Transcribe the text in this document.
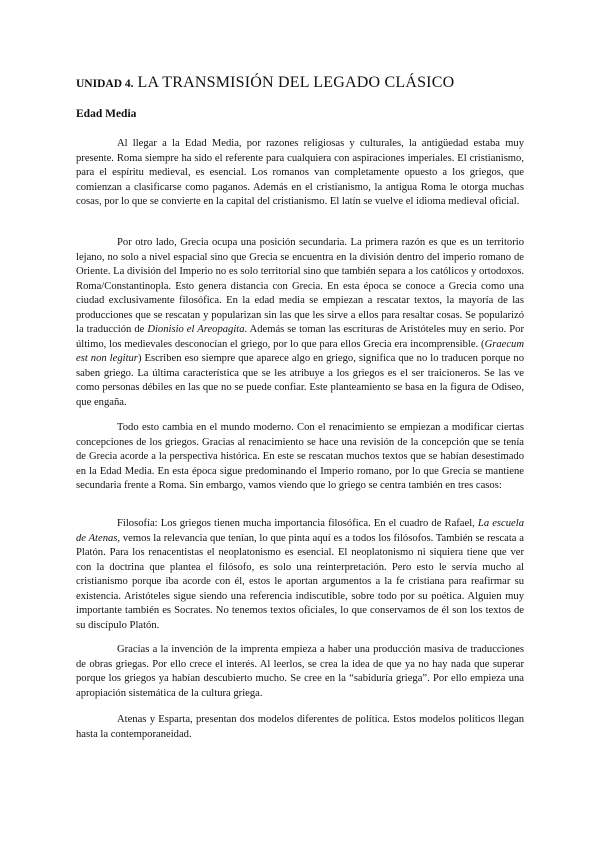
UNIDAD 4. LA TRANSMISIÓN DEL LEGADO CLÁSICO
Edad Media

Al llegar a la Edad Media, por razones religiosas y culturales, la antigüedad estaba muy presente. Roma siempre ha sido el referente para cualquiera con aspiraciones imperiales. El cristianismo, para el espíritu medieval, es esencial. Los romanos van completamente opuesto a los griegos, que comienzan a clasificarse como paganos. Además en el cristianismo, la antigua Roma le otorga muchas cosas, por lo que se convierte en la capital del cristianismo. El latín se vuelve el idioma medieval oficial.

Por otro lado, Grecia ocupa una posición secundaria. La primera razón es que es un territorio lejano, no solo a nivel espacial sino que Grecia se encuentra en la división dentro del imperio romano de Oriente. La división del Imperio no es solo territorial sino que también separa a los católicos y ortodoxos. Roma/Constantinopla. Esto genera distancia con Grecia. En esta época se conoce a Grecia como una ciudad exclusivamente filosófica. En la edad media se empiezan a rescatar textos, la mayoría de las producciones que se rescatan y popularizan sin las que les sirve a ellos para resaltar cosas. Se popularizó la traducción de Dionisio el Areopagita. Además se toman las escrituras de Aristóteles muy en serio. Por último, los medievales desconocían el griego, por lo que para ellos Grecia era incomprensible. (Graecum est non legitur) Escriben eso siempre que aparece algo en griego, significa que no lo traducen porque no saben griego. La última característica que se les atribuye a los griegos es el ser traicioneros. Se las ve como personas débiles en las que no se puede confiar. Este planteamiento se basa en la figura de Odiseo, que engaña.

Todo esto cambia en el mundo moderno. Con el renacimiento se empiezan a modificar ciertas concepciones de los griegos. Gracias al renacimiento se hace una revisión de la concepción que se tenía de Grecia acorde a la perspectiva histórica. En este se rescatan muchos textos que se habían desestimado en la Edad Media. En esta época sigue predominando el Imperio romano, por lo que Grecia se mantiene secundaria frente a Roma. Sin embargo, vamos viendo que lo griego se centra también en tres casos:

Filosofía: Los griegos tienen mucha importancia filosófica. En el cuadro de Rafael, La escuela de Atenas, vemos la relevancia que tenían, lo que pinta aquí es a todos los filósofos. También se rescata a Platón. Para los renacentistas el neoplatonismo es esencial. El neoplatonismo ni siquiera tiene que ver con la doctrina que plantea el filósofo, es solo una reinterpretación. Pero esto le servía mucho al cristianismo porque iba acorde con él, estos le aportan argumentos a la fe cristiana para reafirmar su existencia. Aristóteles sigue siendo una referencia indiscutible, sobre todo por su poética. Alguien muy importante también es Socrates. No tenemos textos oficiales, lo que conservamos de él son los textos de su discípulo Platón.

Gracias a la invención de la imprenta empieza a haber una producción masiva de traducciones de obras griegas. Por ello crece el interés. Al leerlos, se crea la idea de que ya no hay nada que superar porque los griegos ya habían descubierto mucho. Se cree en la “sabiduría griega”. Por ello empieza una apropiación sistemática de la cultura griega.

Atenas y Esparta, presentan dos modelos diferentes de política. Estos modelos políticos llegan hasta la contemporaneidad.
